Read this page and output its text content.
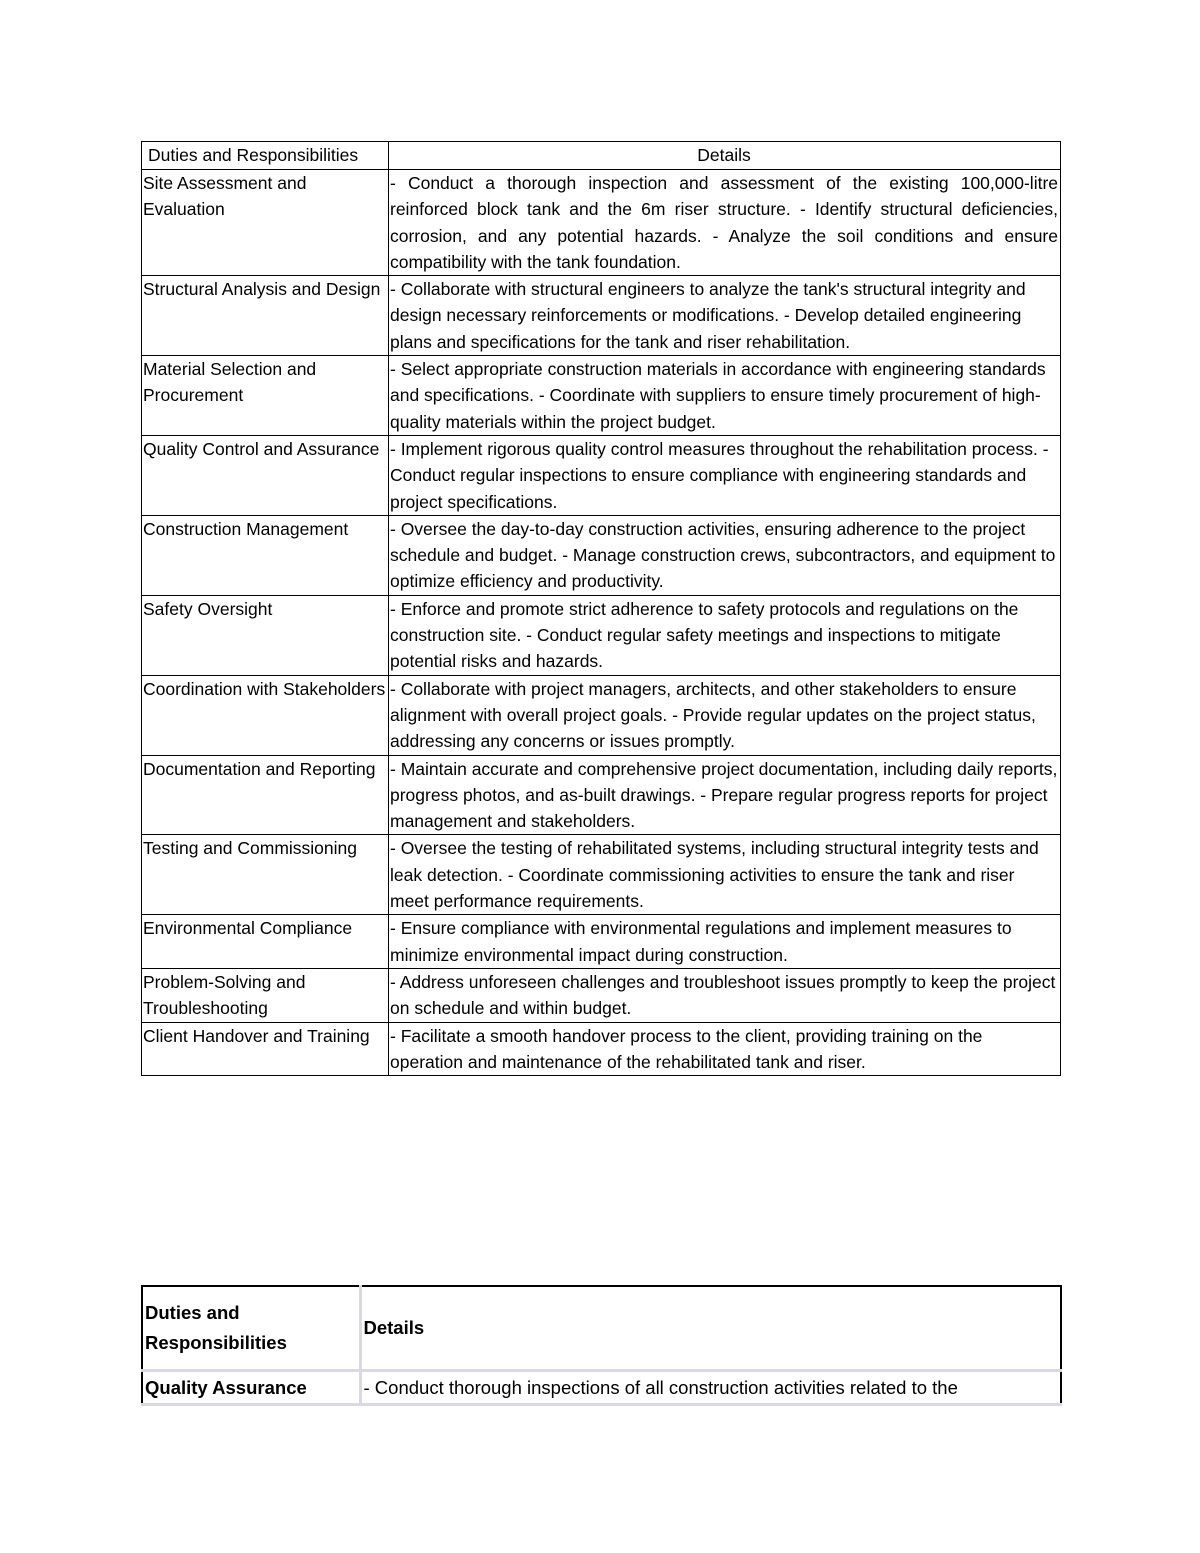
Duties and Responsibilities	Details
Site Assessment and Evaluation	- Conduct a thorough inspection and assessment of the existing 100,000-litre reinforced block tank and the 6m riser structure. - Identify structural deficiencies, corrosion, and any potential hazards. - Analyze the soil conditions and ensure compatibility with the tank foundation.
Structural Analysis and Design	- Collaborate with structural engineers to analyze the tank's structural integrity and design necessary reinforcements or modifications. - Develop detailed engineering plans and specifications for the tank and riser rehabilitation.
Material Selection and Procurement	- Select appropriate construction materials in accordance with engineering standards and specifications. - Coordinate with suppliers to ensure timely procurement of high-quality materials within the project budget.
Quality Control and Assurance	- Implement rigorous quality control measures throughout the rehabilitation process. - Conduct regular inspections to ensure compliance with engineering standards and project specifications.
Construction Management	- Oversee the day-to-day construction activities, ensuring adherence to the project schedule and budget. - Manage construction crews, subcontractors, and equipment to optimize efficiency and productivity.
Safety Oversight	- Enforce and promote strict adherence to safety protocols and regulations on the construction site. - Conduct regular safety meetings and inspections to mitigate potential risks and hazards.
Coordination with Stakeholders	- Collaborate with project managers, architects, and other stakeholders to ensure alignment with overall project goals. - Provide regular updates on the project status, addressing any concerns or issues promptly.
Documentation and Reporting	- Maintain accurate and comprehensive project documentation, including daily reports, progress photos, and as-built drawings. - Prepare regular progress reports for project management and stakeholders.
Testing and Commissioning	- Oversee the testing of rehabilitated systems, including structural integrity tests and leak detection. - Coordinate commissioning activities to ensure the tank and riser meet performance requirements.
Environmental Compliance	- Ensure compliance with environmental regulations and implement measures to minimize environmental impact during construction.
Problem-Solving and Troubleshooting	- Address unforeseen challenges and troubleshoot issues promptly to keep the project on schedule and within budget.
Client Handover and Training	- Facilitate a smooth handover process to the client, providing training on the operation and maintenance of the rehabilitated tank and riser.
Duties and Responsibilities	Details
Quality Assurance	- Conduct thorough inspections of all construction activities related to the
